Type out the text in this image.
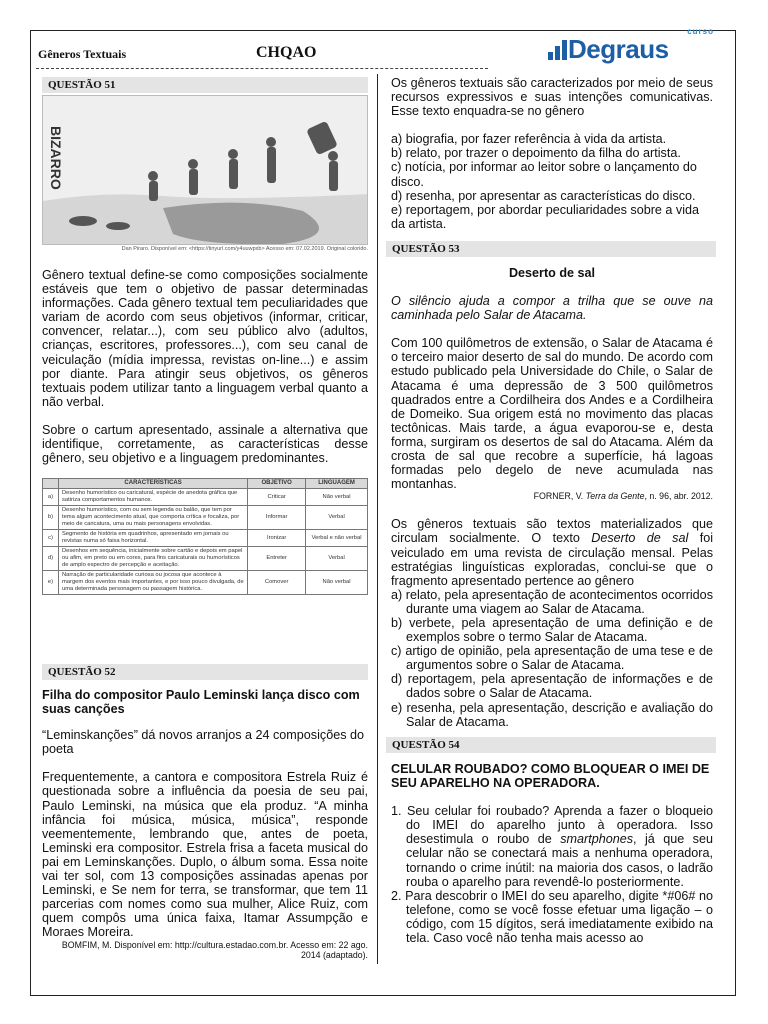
Gêneros Textuais	CHQAO	Degraus
curso
QUESTÃO 51
BIZARRO
Dan Piraro. Disponível em: <https://tinyurl.com/y4uuwpxb> Acesso em: 07.02.2019. Original colorido.

Gênero textual define-se como composições socialmente estáveis que tem o objetivo de passar determinadas informações. Cada gênero textual tem peculiaridades que variam de acordo com seus objetivos (informar, criticar, convencer, relatar...), com seu público alvo (adultos, crianças, escritores, professores...), com seu canal de veiculação (mídia impressa, revistas on-line...) e assim por diante. Para atingir seus objetivos, os gêneros textuais podem utilizar tanto a linguagem verbal quanto a não verbal.

Sobre o cartum apresentado, assinale a alternativa que identifique, corretamente, as características desse gênero, seu objetivo e a linguagem predominantes.

	CARACTERÍSTICAS	OBJETIVO	LINGUAGEM
a)	Desenho humorístico ou caricatural, espécie de anedota gráfica que satiriza comportamentos humanos.	Criticar	Não verbal
b)	Desenho humorístico, com ou sem legenda ou balão, que tem por tema algum acontecimento atual, que comporta crítica e focaliza, por meio de caricatura, uma ou mais personagens envolvidas.	Informar	Verbal
c)	Segmento de história em quadrinhos, apresentado em jornais ou revistas numa só faixa horizontal.	Ironizar	Verbal e não verbal
d)	Desenhos em sequência, inicialmente sobre cartão e depois em papel ou afim, em preto ou em cores, para fins caricaturais ou humorísticos de amplo espectro de percepção e aceitação.	Entreter	Verbal
e)	Narração de particularidade curiosa ou jocosa que acontece à margem dos eventos mais importantes, e por isso pouco divulgada, de uma determinada personagem ou passagem histórica.	Comover	Não verbal
QUESTÃO 52

Filha do compositor Paulo Leminski lança disco com suas canções

“Leminskanções” dá novos arranjos a 24 composições do poeta

Frequentemente, a cantora e compositora Estrela Ruiz é questionada sobre a influência da poesia de seu pai, Paulo Leminski, na música que ela produz. “A minha infância foi música, música, música”, responde veementemente, lembrando que, antes de poeta, Leminski era compositor. Estrela frisa a faceta musical do pai em Leminskanções. Duplo, o álbum soma. Essa noite vai ter sol, com 13 composições assinadas apenas por Leminski, e Se nem for terra, se transformar, que tem 11 parcerias com nomes como sua mulher, Alice Ruiz, com quem compôs uma única faixa, Itamar Assumpção e Moraes Moreira.

BOMFIM, M. Disponível em: http://cultura.estadao.com.br. Acesso em: 22 ago. 2014 (adaptado).

Os gêneros textuais são caracterizados por meio de seus recursos expressivos e suas intenções comunicativas. Esse texto enquadra-se no gênero

a) biografia, por fazer referência à vida da artista.

b) relato, por trazer o depoimento da filha do artista.

c) notícia, por informar ao leitor sobre o lançamento do disco.

d) resenha, por apresentar as características do disco.

e) reportagem, por abordar peculiaridades sobre a vida da artista.

QUESTÃO 53

Deserto de sal

O silêncio ajuda a compor a trilha que se ouve na caminhada pelo Salar de Atacama.

Com 100 quilômetros de extensão, o Salar de Atacama é o terceiro maior deserto de sal do mundo. De acordo com estudo publicado pela Universidade do Chile, o Salar de Atacama é uma depressão de 3 500 quilômetros quadrados entre a Cordilheira dos Andes e a Cordilheira de Domeiko. Sua origem está no movimento das placas tectônicas. Mais tarde, a água evaporou-se e, desta forma, surgiram os desertos de sal do Atacama. Além da crosta de sal que recobre a superfície, há lagoas formadas pelo degelo de neve acumulada nas montanhas.

FORNER, V. Terra da Gente, n. 96, abr. 2012.

Os gêneros textuais são textos materializados que circulam socialmente. O texto Deserto de sal foi veiculado em uma revista de circulação mensal. Pelas estratégias linguísticas exploradas, conclui-se que o fragmento apresentado pertence ao gênero

a) relato, pela apresentação de acontecimentos ocorridos durante uma viagem ao Salar de Atacama.

b) verbete, pela apresentação de uma definição e de exemplos sobre o termo Salar de Atacama.

c) artigo de opinião, pela apresentação de uma tese e de argumentos sobre o Salar de Atacama.

d) reportagem, pela apresentação de informações e de dados sobre o Salar de Atacama.

e) resenha, pela apresentação, descrição e avaliação do Salar de Atacama.

QUESTÃO 54

CELULAR ROUBADO? COMO BLOQUEAR O IMEI DE SEU APARELHO NA OPERADORA.

1. Seu celular foi roubado? Aprenda a fazer o bloqueio do IMEI do aparelho junto à operadora. Isso desestimula o roubo de smartphones, já que seu celular não se conectará mais a nenhuma operadora, tornando o crime inútil: na maioria dos casos, o ladrão rouba o aparelho para revendê-lo posteriormente.

2. Para descobrir o IMEI do seu aparelho, digite *#06# no telefone, como se você fosse efetuar uma ligação – o código, com 15 dígitos, será imediatamente exibido na tela. Caso você não tenha mais acesso ao
